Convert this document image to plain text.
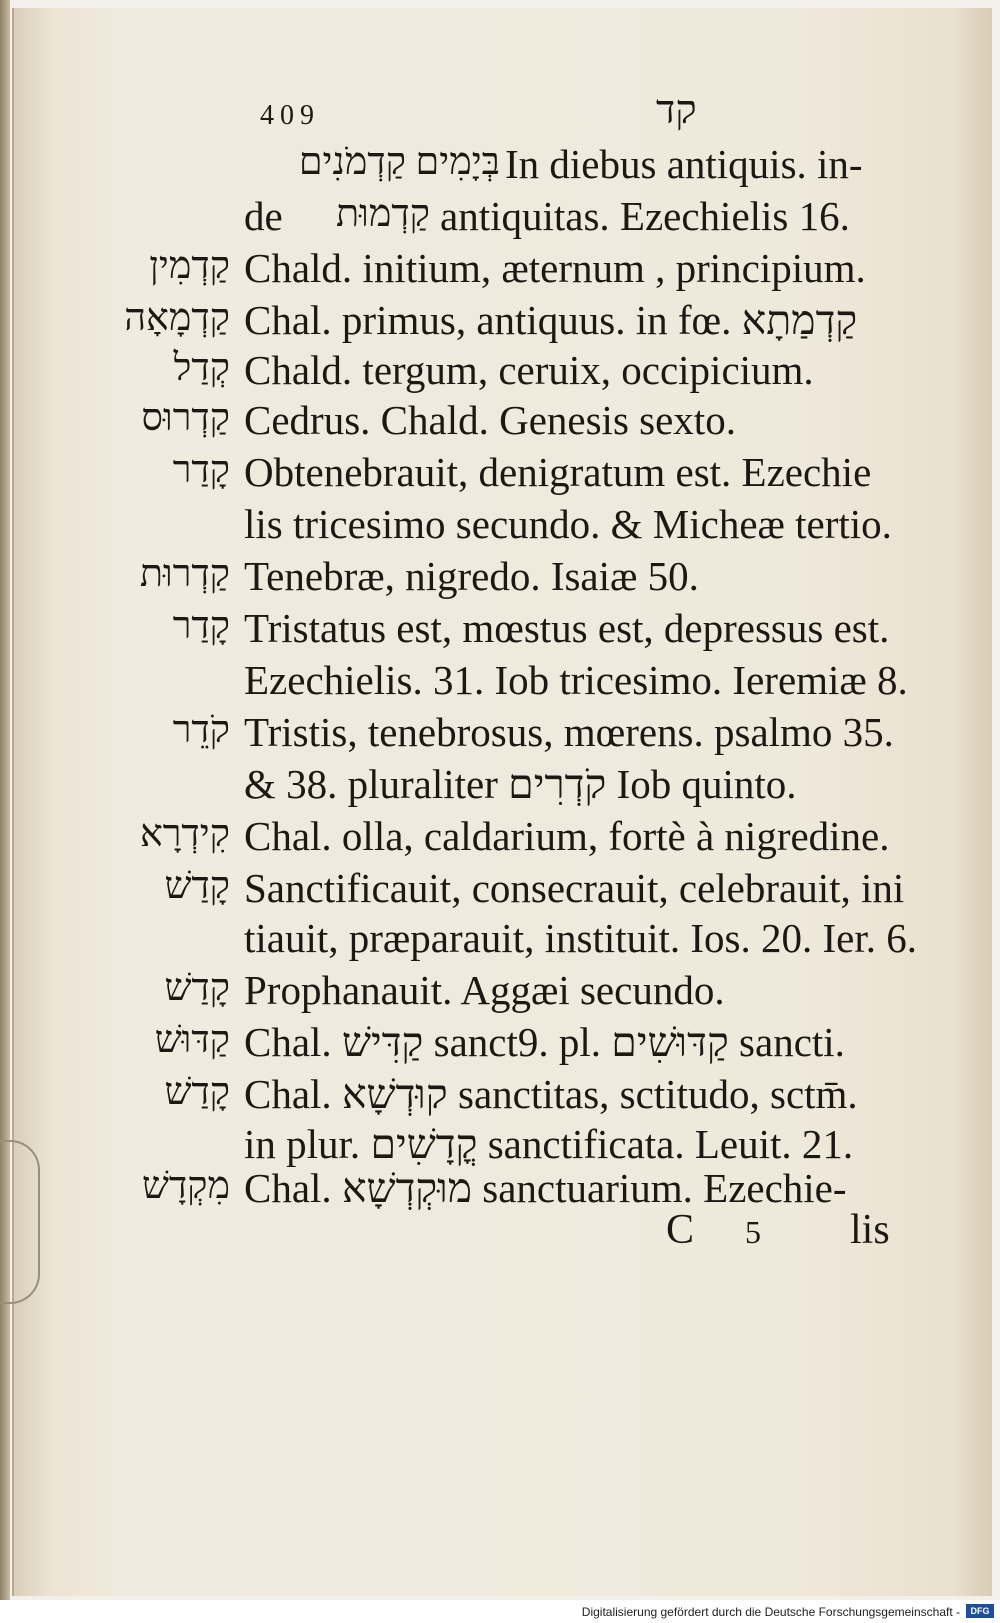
409	קד
בְּיָמִים קַדְמֹנִים In diebus antiquis. in-
de קַדְמוּת antiquitas. Ezechielis 16.
קַדְמִין Chald. initium, æternum , principium.
קַדְמָאָה Chal. primus, antiquus. in fœ. קַדְמַתָא
קְדַל Chald. tergum, ceruix, occipicium.
קַדְרוּס Cedrus. Chald. Genesis sexto.
קָדַר Obtenebrauit, denigratum est. Ezechie
lis tricesimo secundo. & Micheæ tertio.
קַדְרוּת Tenebræ, nigredo. Isaiæ 50.
קָדַר Tristatus est, mœstus est, depressus est.
Ezechielis. 31. Iob tricesimo. Ieremiæ 8.
קֹדֵר Tristis, tenebrosus, mœrens. psalmo 35.
& 38. pluraliter קֹדְרִים Iob quinto.
קִידְרָא Chal. olla, caldarium, fortè à nigredine.
קָדַשׁ Sanctificauit, consecrauit, celebrauit, ini
tiauit, præparauit, instituit. Ios. 20. Ier. 6.
קָדַשׁ Prophanauit. Aggæi secundo.
קַדּוּשׁ Chal. קַדִּישׁ sanct9. pl. קַדּוּשִׁים sancti.
קָדַשׁ Chal. קוּדְשָׁא sanctitas, sctitudo, sctm̄.
in plur. קֳדָשִׁים sanctificata. Leuit. 21.
מִקְדָשׁ Chal. מוּקְדְשָׁא sanctuarium. Ezechie-
C 5 lis
Digitalisierung gefördert durch die Deutsche Forschungsgemeinschaft -	DFG
